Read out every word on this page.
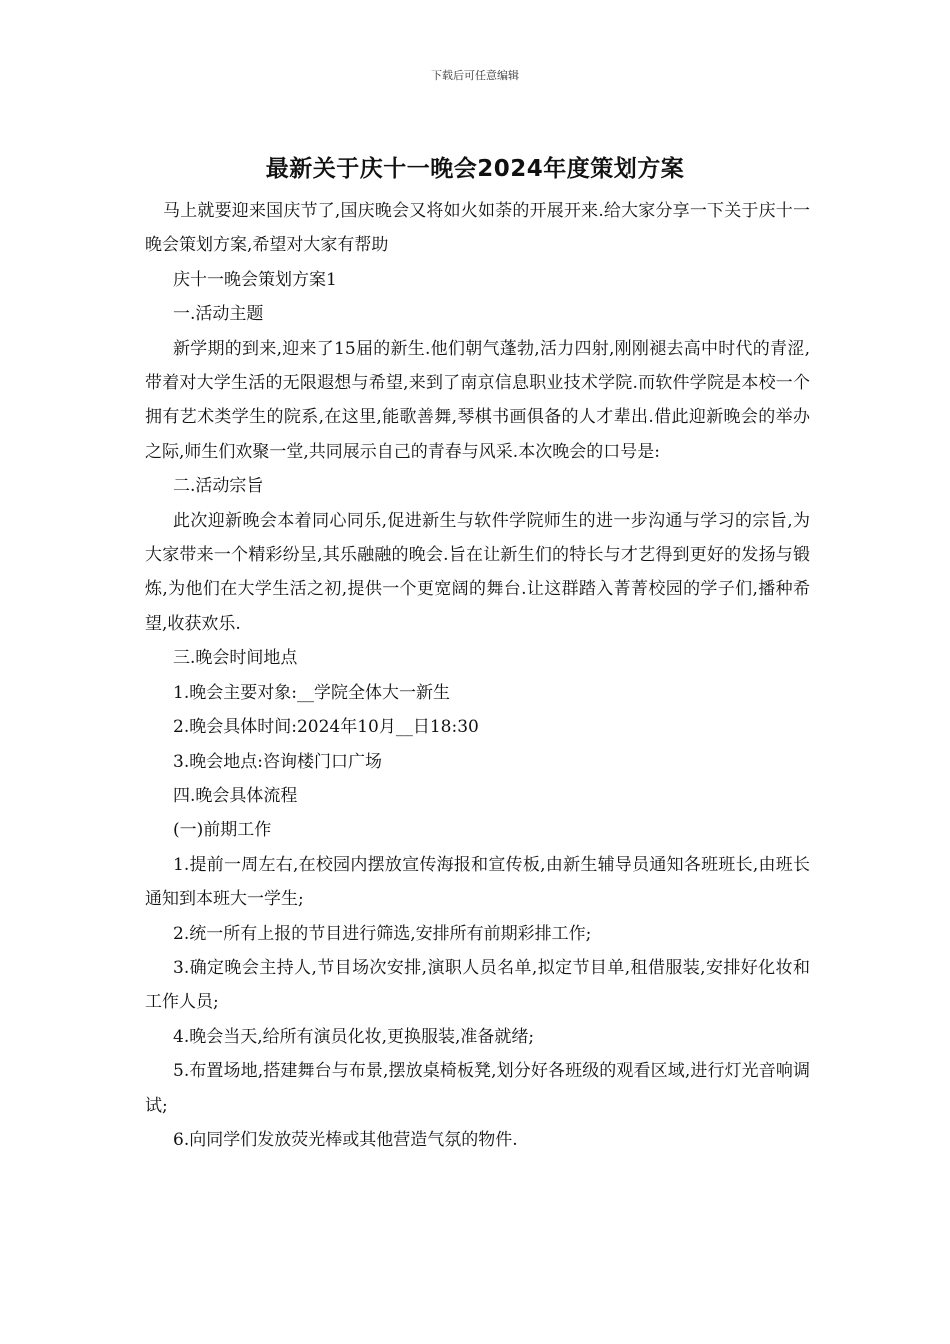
下载后可任意编辑
最新关于庆十一晚会2024年度策划方案

马上就要迎来国庆节了,国庆晚会又将如火如荼的开展开来.给大家分享一下关于庆十一晚会策划方案,希望对大家有帮助

庆十一晚会策划方案1

一.活动主题

新学期的到来,迎来了15届的新生.他们朝气蓬勃,活力四射,刚刚褪去高中时代的青涩,带着对大学生活的无限遐想与希望,来到了南京信息职业技术学院.而软件学院是本校一个拥有艺术类学生的院系,在这里,能歌善舞,琴棋书画俱备的人才辈出.借此迎新晚会的举办之际,师生们欢聚一堂,共同展示自己的青春与风采.本次晚会的口号是:

二.活动宗旨

此次迎新晚会本着同心同乐,促进新生与软件学院师生的进一步沟通与学习的宗旨,为大家带来一个精彩纷呈,其乐融融的晚会.旨在让新生们的特长与才艺得到更好的发扬与锻炼,为他们在大学生活之初,提供一个更宽阔的舞台.让这群踏入菁菁校园的学子们,播种希望,收获欢乐.

三.晚会时间地点

1.晚会主要对象:__学院全体大一新生

2.晚会具体时间:2024年10月__日18:30

3.晚会地点:咨询楼门口广场

四.晚会具体流程

(一)前期工作

1.提前一周左右,在校园内摆放宣传海报和宣传板,由新生辅导员通知各班班长,由班长通知到本班大一学生;

2.统一所有上报的节目进行筛选,安排所有前期彩排工作;

3.确定晚会主持人,节目场次安排,演职人员名单,拟定节目单,租借服装,安排好化妆和工作人员;

4.晚会当天,给所有演员化妆,更换服装,准备就绪;

5.布置场地,搭建舞台与布景,摆放桌椅板凳,划分好各班级的观看区域,进行灯光音响调试;

6.向同学们发放荧光棒或其他营造气氛的物件.
